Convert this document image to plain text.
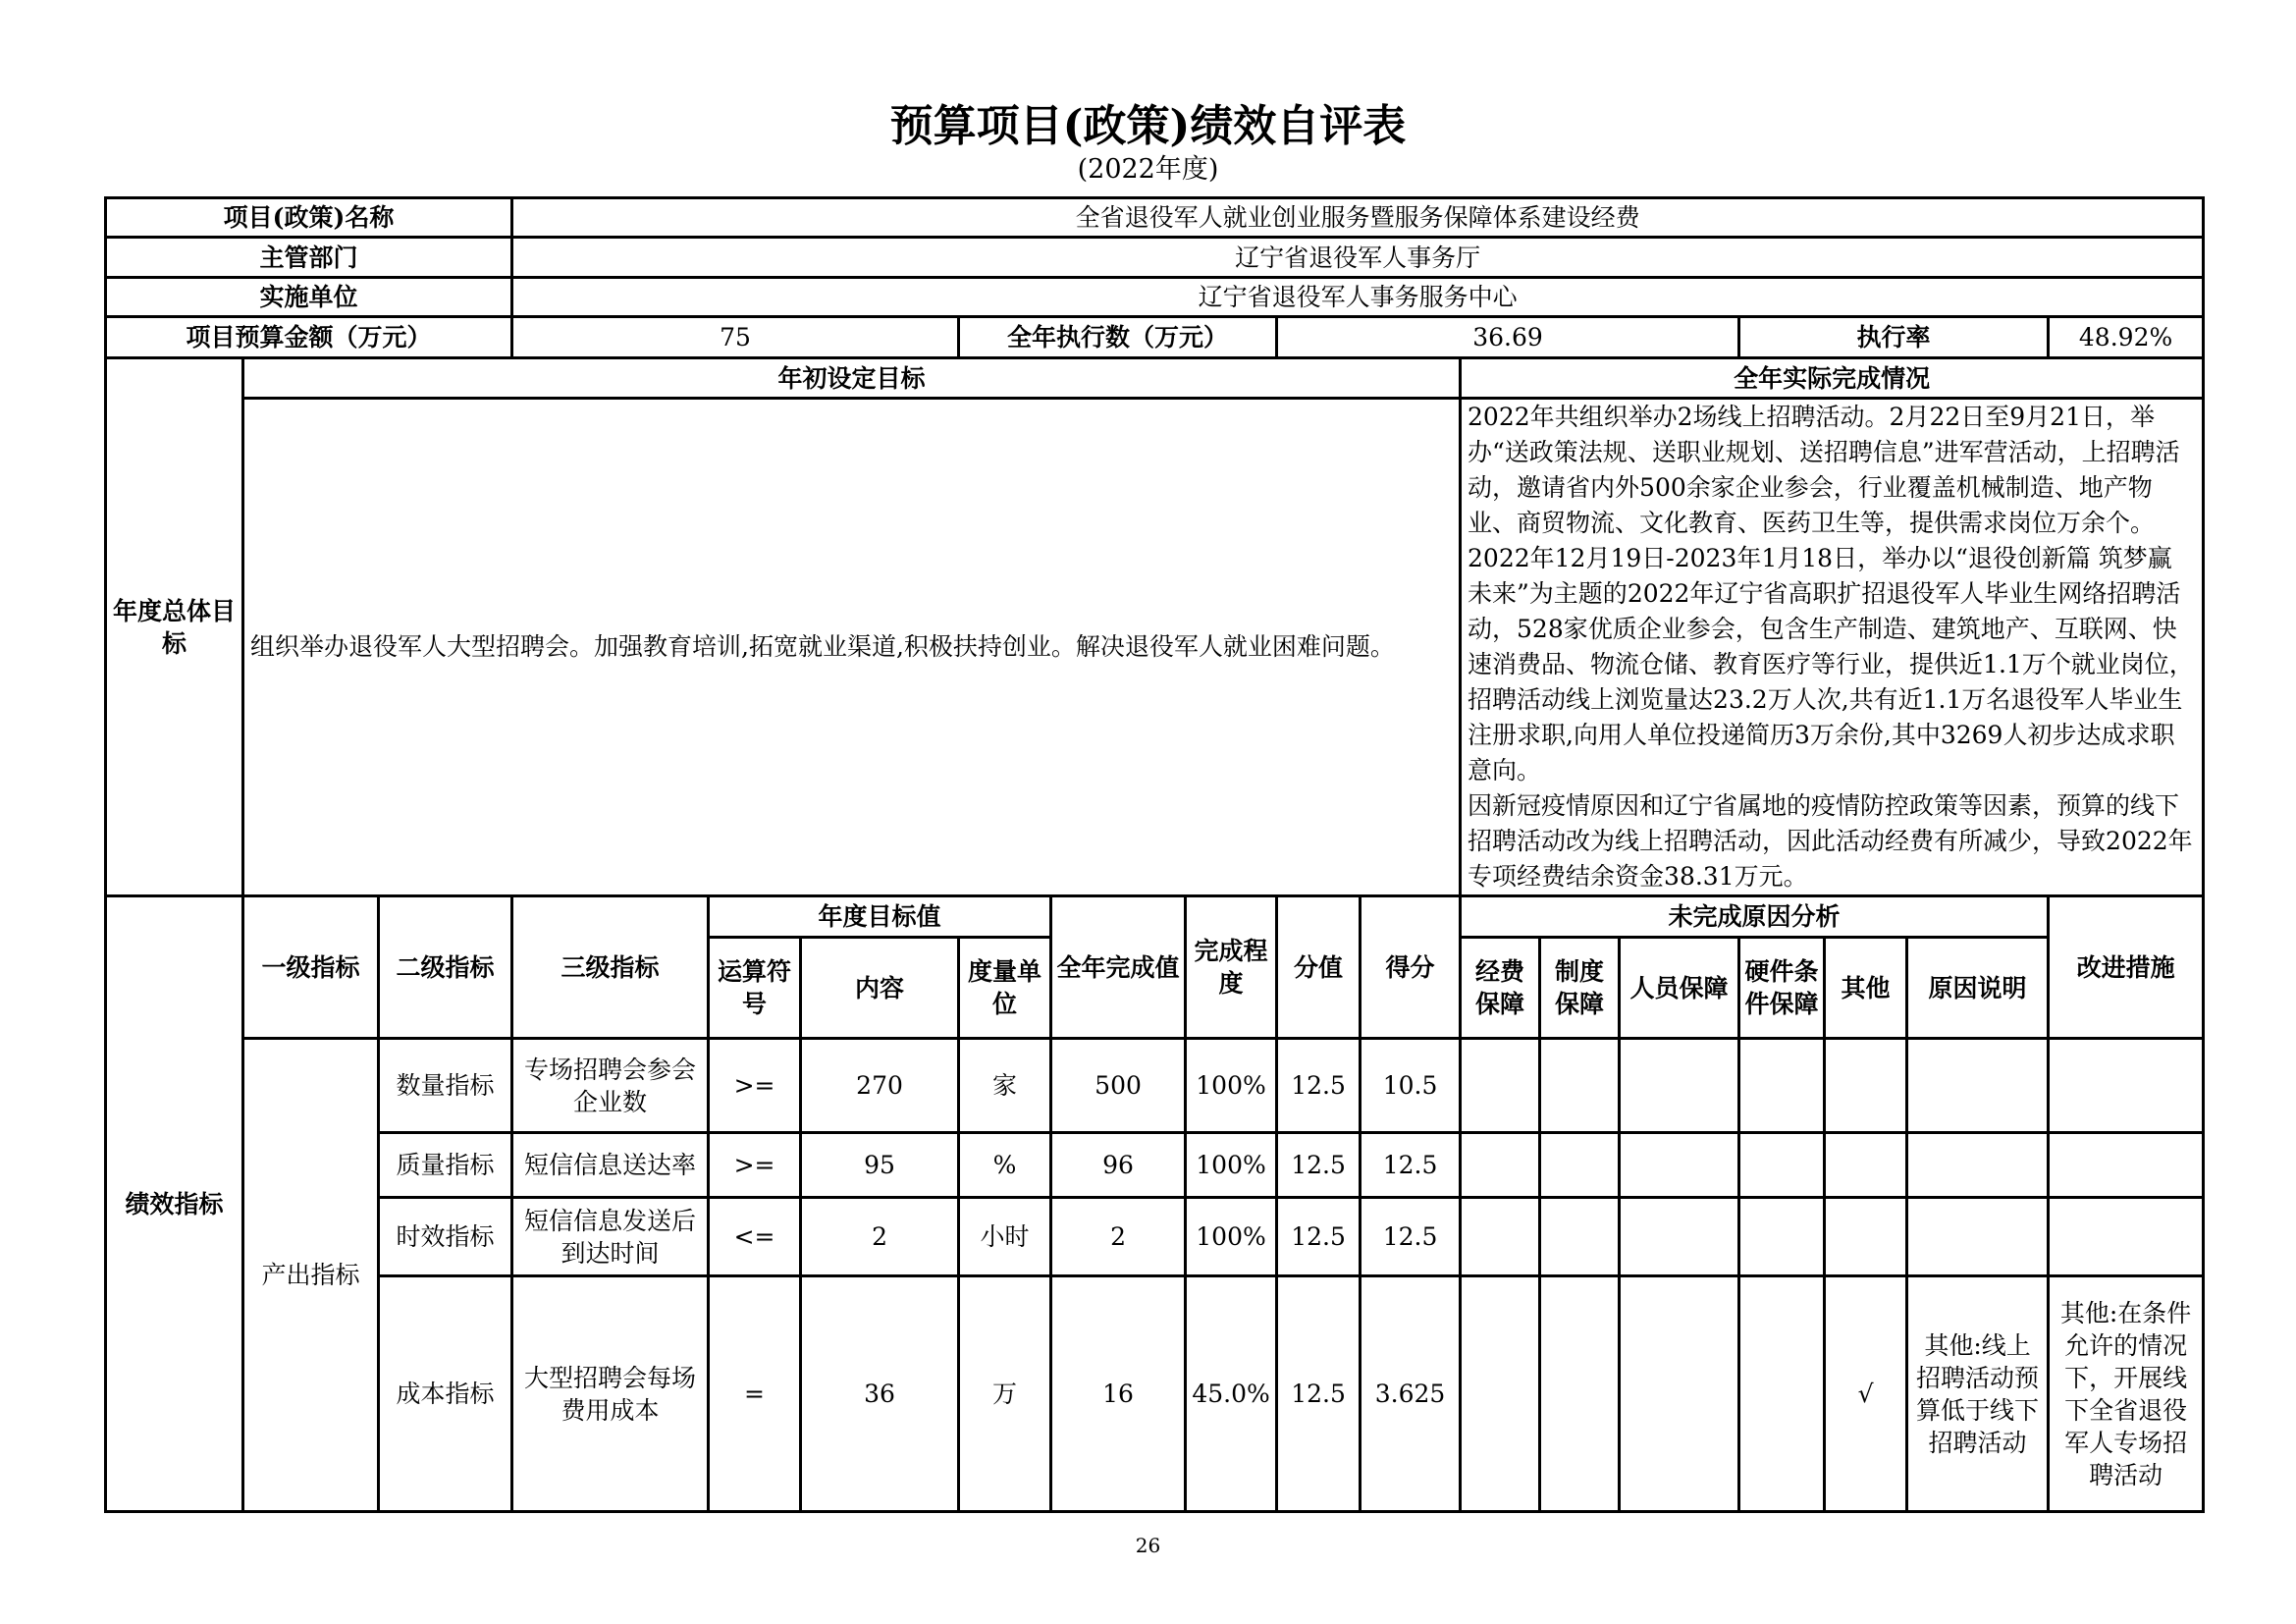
预算项目(政策)绩效自评表
(2022年度)
项目(政策)名称			全省退役军人就业创业服务暨服务保障体系建设经费														
主管部门			辽宁省退役军人事务厅														
实施单位			辽宁省退役军人事务服务中心														
项目预算金额（万元）			75			全年执行数（万元）			36.69					执行率			48.92%
年度总体目标	年初设定目标										全年实际完成情况						
	组织举办退役军人大型招聘会。加强教育培训,拓宽就业渠道,积极扶持创业。解决退役军人就业困难问题。										2022年共组织举办2场线上招聘活动。2月22日至9月21日，举办“送政策法规、送职业规划、送招聘信息”进军营活动，上招聘活动，邀请省内外500余家企业参会，行业覆盖机械制造、地产物业、商贸物流、文化教育、医药卫生等，提供需求岗位万余个。2022年12月19日-2023年1月18日，举办以“退役创新篇 筑梦赢未来”为主题的2022年辽宁省高职扩招退役军人毕业生网络招聘活动，528家优质企业参会，包含生产制造、建筑地产、互联网、快速消费品、物流仓储、教育医疗等行业，提供近1.1万个就业岗位，招聘活动线上浏览量达23.2万人次,共有近1.1万名退役军人毕业生注册求职,向用人单位投递简历3万余份,其中3269人初步达成求职意向。
因新冠疫情原因和辽宁省属地的疫情防控政策等因素，预算的线下招聘活动改为线上招聘活动，因此活动经费有所减少，导致2022年专项经费结余资金38.31万元。						

绩效指标	一级指标	二级指标	三级指标	年度目标值			全年完成值	完成程度	分值	得分	未完成原因分析						改进措施
				运算符号	内容	度量单位					经费保障	制度保障	人员保障	硬件条件保障	其他	原因说明	
	产出指标	数量指标	专场招聘会参会企业数	>=	270	家	500	100%	12.5	10.5							
		质量指标	短信信息送达率	>=	95	%	96	100%	12.5	12.5							
		时效指标	短信信息发送后到达时间	<=	2	小时	2	100%	12.5	12.5							
		成本指标	大型招聘会每场费用成本	=	36	万	16	45.0%	12.5	3.625					√	其他:线上招聘活动预算低于线下招聘活动	其他:在条件允许的情况下，开展线下全省退役军人专场招聘活动
26
